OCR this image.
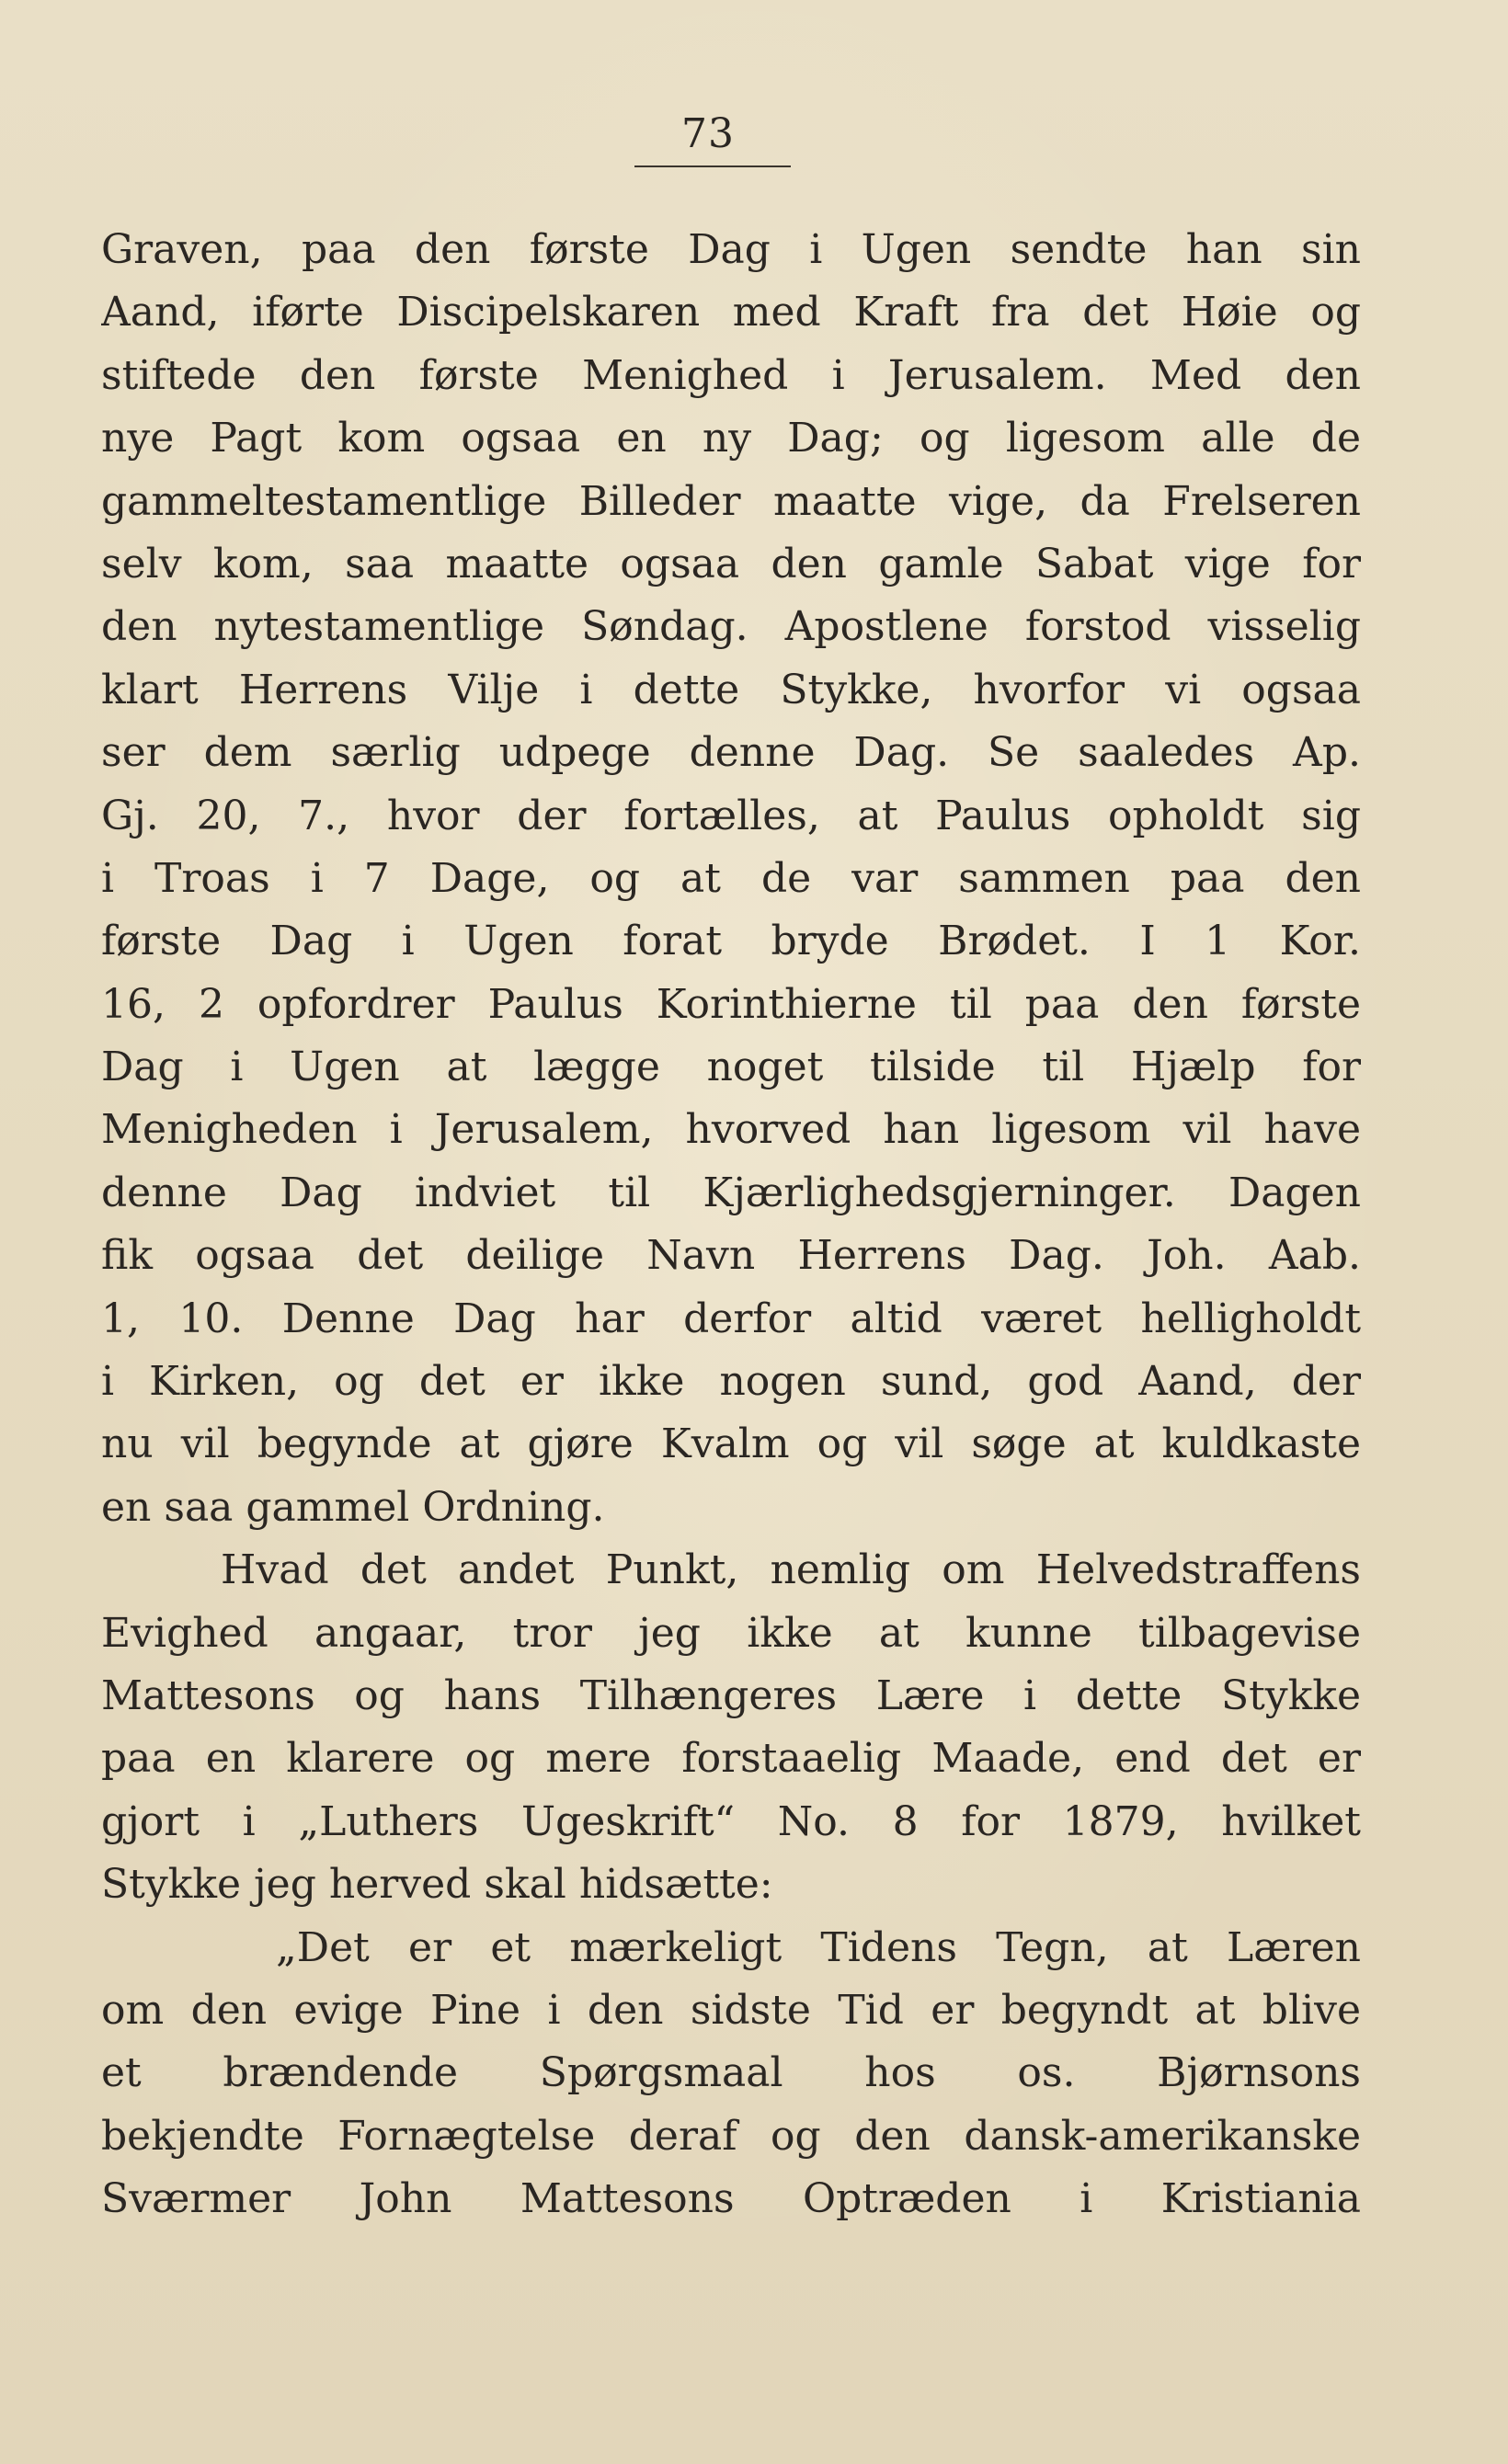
73
Graven, paa den første Dag i Ugen sendte han sin
Aand, iførte Discipelskaren med Kraft fra det Høie og
stiftede den første Menighed i Jerusalem. Med den
nye Pagt kom ogsaa en ny Dag; og ligesom alle de
gammeltestamentlige Billeder maatte vige, da Frelseren
selv kom, saa maatte ogsaa den gamle Sabat vige for
den nytestamentlige Søndag. Apostlene forstod visselig
klart Herrens Vilje i dette Stykke, hvorfor vi ogsaa
ser dem særlig udpege denne Dag. Se saaledes Ap.
Gj. 20, 7., hvor der fortælles, at Paulus opholdt sig
i Troas i 7 Dage, og at de var sammen paa den
første Dag i Ugen forat bryde Brødet. I 1 Kor.
16, 2 opfordrer Paulus Korinthierne til paa den første
Dag i Ugen at lægge noget tilside til Hjælp for
Menigheden i Jerusalem, hvorved han ligesom vil have
denne Dag indviet til Kjærlighedsgjerninger. Dagen
fik ogsaa det deilige Navn Herrens Dag. Joh. Aab.
1, 10. Denne Dag har derfor altid været helligholdt
i Kirken, og det er ikke nogen sund, god Aand, der
nu vil begynde at gjøre Kvalm og vil søge at kuldkaste
en saa gammel Ordning.
Hvad det andet Punkt, nemlig om Helvedstraffens
Evighed angaar, tror jeg ikke at kunne tilbagevise
Mattesons og hans Tilhængeres Lære i dette Stykke
paa en klarere og mere forstaaelig Maade, end det er
gjort i „Luthers Ugeskrift“ No. 8 for 1879, hvilket
Stykke jeg herved skal hidsætte:
„Det er et mærkeligt Tidens Tegn, at Læren
om den evige Pine i den sidste Tid er begyndt at blive
et brændende Spørgsmaal hos os. Bjørnsons
bekjendte Fornægtelse deraf og den dansk-amerikanske
Sværmer John Mattesons Optræden i Kristiania
